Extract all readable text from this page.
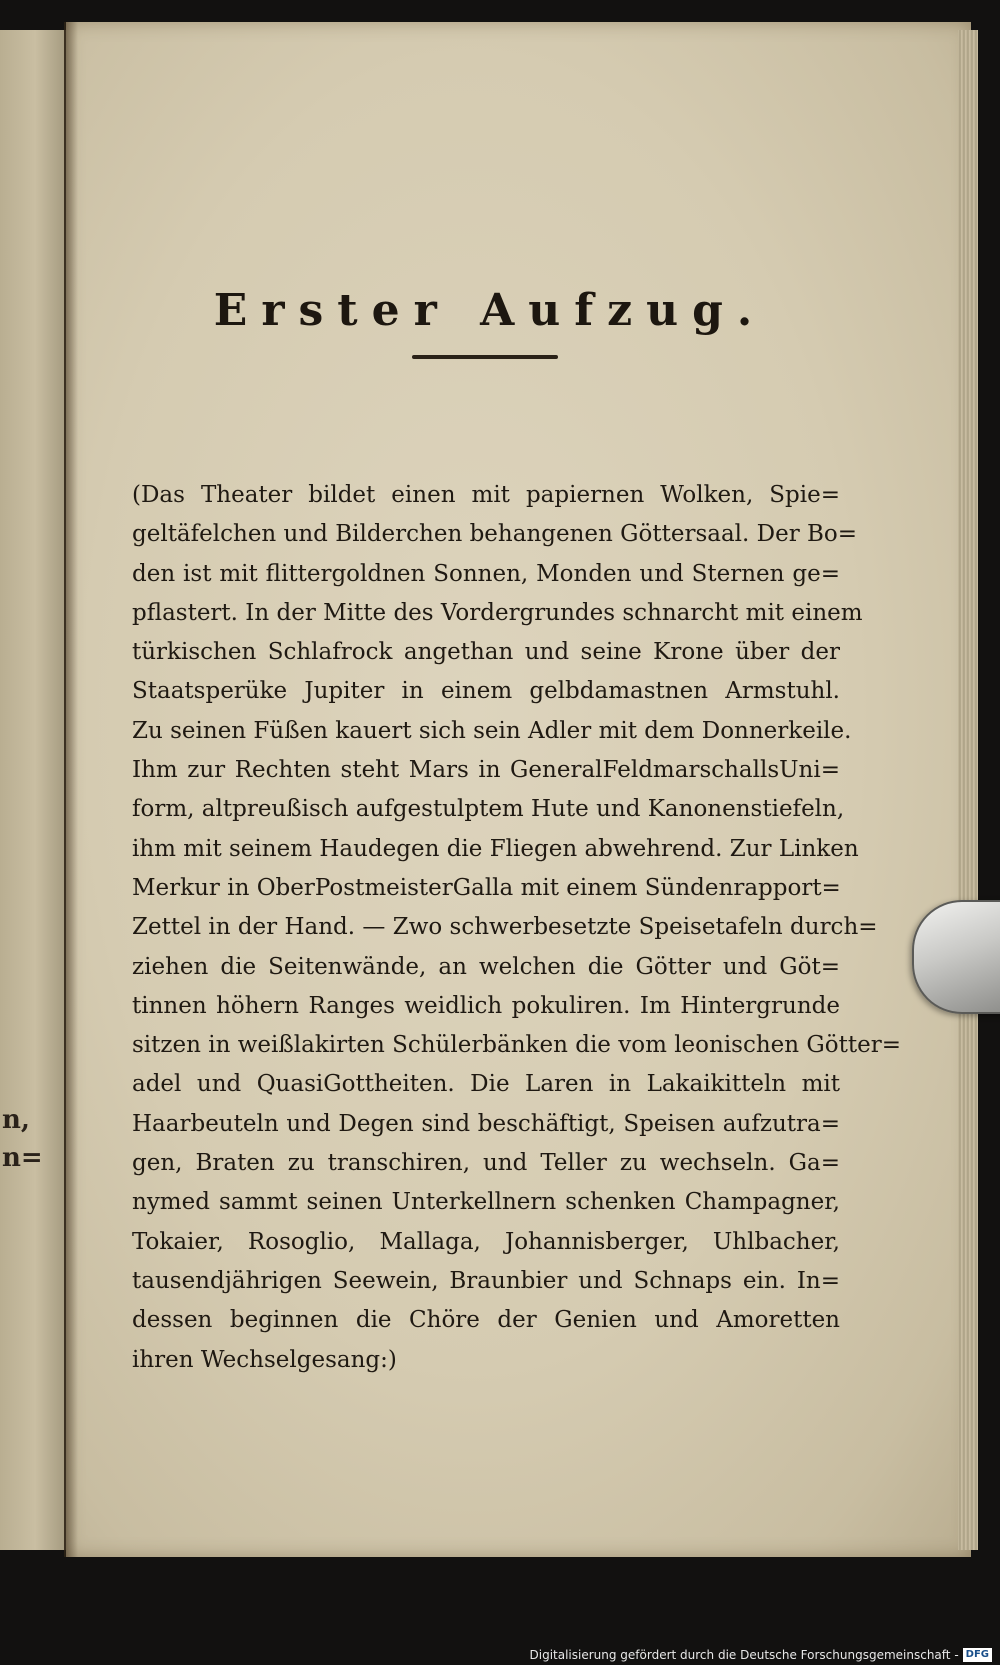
n,
n=
Erster Aufzug.
(Das Theater bildet einen mit papiernen Wolken, Spie=
geltäfelchen und Bilderchen behangenen Göttersaal. Der Bo=
den ist mit flittergoldnen Sonnen, Monden und Sternen ge=
pflastert. In der Mitte des Vordergrundes schnarcht mit einem
türkischen Schlafrock angethan und seine Krone über der
Staatsperüke Jupiter in einem gelbdamastnen Armstuhl.
Zu seinen Füßen kauert sich sein Adler mit dem Donnerkeile.
Ihm zur Rechten steht Mars in GeneralFeldmarschallsUni=
form, altpreußisch aufgestulptem Hute und Kanonenstiefeln,
ihm mit seinem Haudegen die Fliegen abwehrend. Zur Linken
Merkur in OberPostmeisterGalla mit einem Sündenrapport=
Zettel in der Hand. — Zwo schwerbesetzte Speisetafeln durch=
ziehen die Seitenwände, an welchen die Götter und Göt=
tinnen höhern Ranges weidlich pokuliren. Im Hintergrunde
sitzen in weißlakirten Schülerbänken die vom leonischen Götter=
adel und QuasiGottheiten. Die Laren in Lakaikitteln mit
Haarbeuteln und Degen sind beschäftigt, Speisen aufzutra=
gen, Braten zu transchiren, und Teller zu wechseln. Ga=
nymed sammt seinen Unterkellnern schenken Champagner,
Tokaier, Rosoglio, Mallaga, Johannisberger, Uhlbacher,
tausendjährigen Seewein, Braunbier und Schnaps ein. In=
dessen beginnen die Chöre der Genien und Amoretten
ihren Wechselgesang:)
Digitalisierung gefördert durch die Deutsche Forschungsgemeinschaft - DFG
